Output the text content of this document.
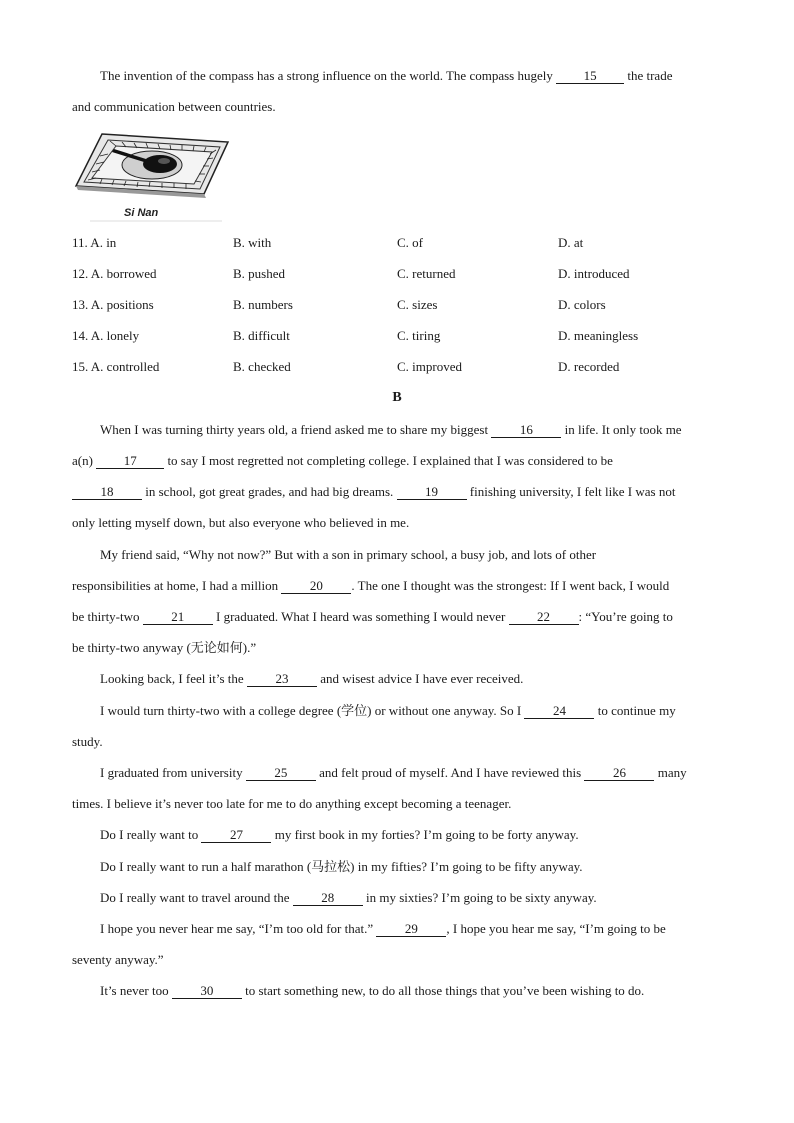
The invention of the compass has a strong influence on the world. The compass hugely 15 the trade
and communication between countries.
Si Nan
11. A. in	B. with	C. of	D. at
12. A. borrowed	B. pushed	C. returned	D. introduced
13. A. positions	B. numbers	C. sizes	D. colors
14. A. lonely	B. difficult	C. tiring	D. meaningless
15. A. controlled	B. checked	C. improved	D. recorded
B
When I was turning thirty years old, a friend asked me to share my biggest 16 in life. It only took me
a(n) 17 to say I most regretted not completing college. I explained that I was considered to be
18 in school, got great grades, and had big dreams. 19 finishing university, I felt like I was not
only letting myself down, but also everyone who believed in me.
My friend said, “Why not now?” But with a son in primary school, a busy job, and lots of other
responsibilities at home, I had a million 20 . The one I thought was the strongest: If I went back, I would
be thirty-two 21 I graduated. What I heard was something I would never 22 : “You’re going to
be thirty-two anyway (无论如何).”
Looking back, I feel it’s the 23 and wisest advice I have ever received.
I would turn thirty-two with a college degree (学位) or without one anyway. So I 24 to continue my
study.
I graduated from university 25 and felt proud of myself. And I have reviewed this 26 many
times. I believe it’s never too late for me to do anything except becoming a teenager.
Do I really want to 27 my first book in my forties? I’m going to be forty anyway.
Do I really want to run a half marathon (马拉松) in my fifties? I’m going to be fifty anyway.
Do I really want to travel around the 28 in my sixties? I’m going to be sixty anyway.
I hope you never hear me say, “I’m too old for that.” 29 , I hope you hear me say, “I’m going to be
seventy anyway.”
It’s never too 30 to start something new, to do all those things that you’ve been wishing to do.
